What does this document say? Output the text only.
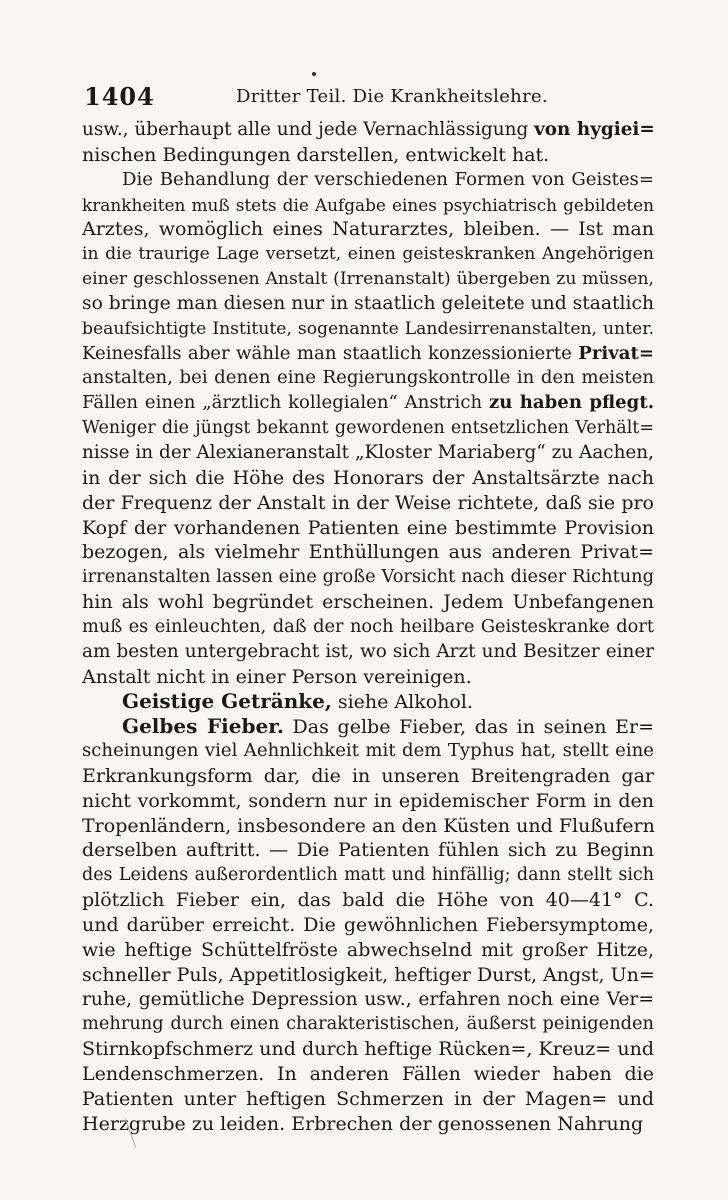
1404	Dritter Teil. Die Krankheitslehre.
usw., überhaupt alle und jede Vernachlässigung von hygiei=
nischen Bedingungen darstellen, entwickelt hat.
Die Behandlung der verschiedenen Formen von Geistes=
krankheiten muß stets die Aufgabe eines psychiatrisch gebildeten
Arztes, womöglich eines Naturarztes, bleiben. — Ist man
in die traurige Lage versetzt, einen geisteskranken Angehörigen
einer geschlossenen Anstalt (Irrenanstalt) übergeben zu müssen,
so bringe man diesen nur in staatlich geleitete und staatlich
beaufsichtigte Institute, sogenannte Landesirrenanstalten, unter.
Keinesfalls aber wähle man staatlich konzessionierte Privat=
anstalten, bei denen eine Regierungskontrolle in den meisten
Fällen einen „ärztlich kollegialen“ Anstrich zu haben pflegt.
Weniger die jüngst bekannt gewordenen entsetzlichen Verhält=
nisse in der Alexianeranstalt „Kloster Mariaberg“ zu Aachen,
in der sich die Höhe des Honorars der Anstaltsärzte nach
der Frequenz der Anstalt in der Weise richtete, daß sie pro
Kopf der vorhandenen Patienten eine bestimmte Provision
bezogen, als vielmehr Enthüllungen aus anderen Privat=
irrenanstalten lassen eine große Vorsicht nach dieser Richtung
hin als wohl begründet erscheinen. Jedem Unbefangenen
muß es einleuchten, daß der noch heilbare Geisteskranke dort
am besten untergebracht ist, wo sich Arzt und Besitzer einer
Anstalt nicht in einer Person vereinigen.
Geistige Getränke, siehe Alkohol.
Gelbes Fieber. Das gelbe Fieber, das in seinen Er=
scheinungen viel Aehnlichkeit mit dem Typhus hat, stellt eine
Erkrankungsform dar, die in unseren Breitengraden gar
nicht vorkommt, sondern nur in epidemischer Form in den
Tropenländern, insbesondere an den Küsten und Flußufern
derselben auftritt. — Die Patienten fühlen sich zu Beginn
des Leidens außerordentlich matt und hinfällig; dann stellt sich
plötzlich Fieber ein, das bald die Höhe von 40—41° C.
und darüber erreicht. Die gewöhnlichen Fiebersymptome,
wie heftige Schüttelfröste abwechselnd mit großer Hitze,
schneller Puls, Appetitlosigkeit, heftiger Durst, Angst, Un=
ruhe, gemütliche Depression usw., erfahren noch eine Ver=
mehrung durch einen charakteristischen, äußerst peinigenden
Stirnkopfschmerz und durch heftige Rücken=, Kreuz= und
Lendenschmerzen. In anderen Fällen wieder haben die
Patienten unter heftigen Schmerzen in der Magen= und
Herzgrube zu leiden. Erbrechen der genossenen Nahrung
